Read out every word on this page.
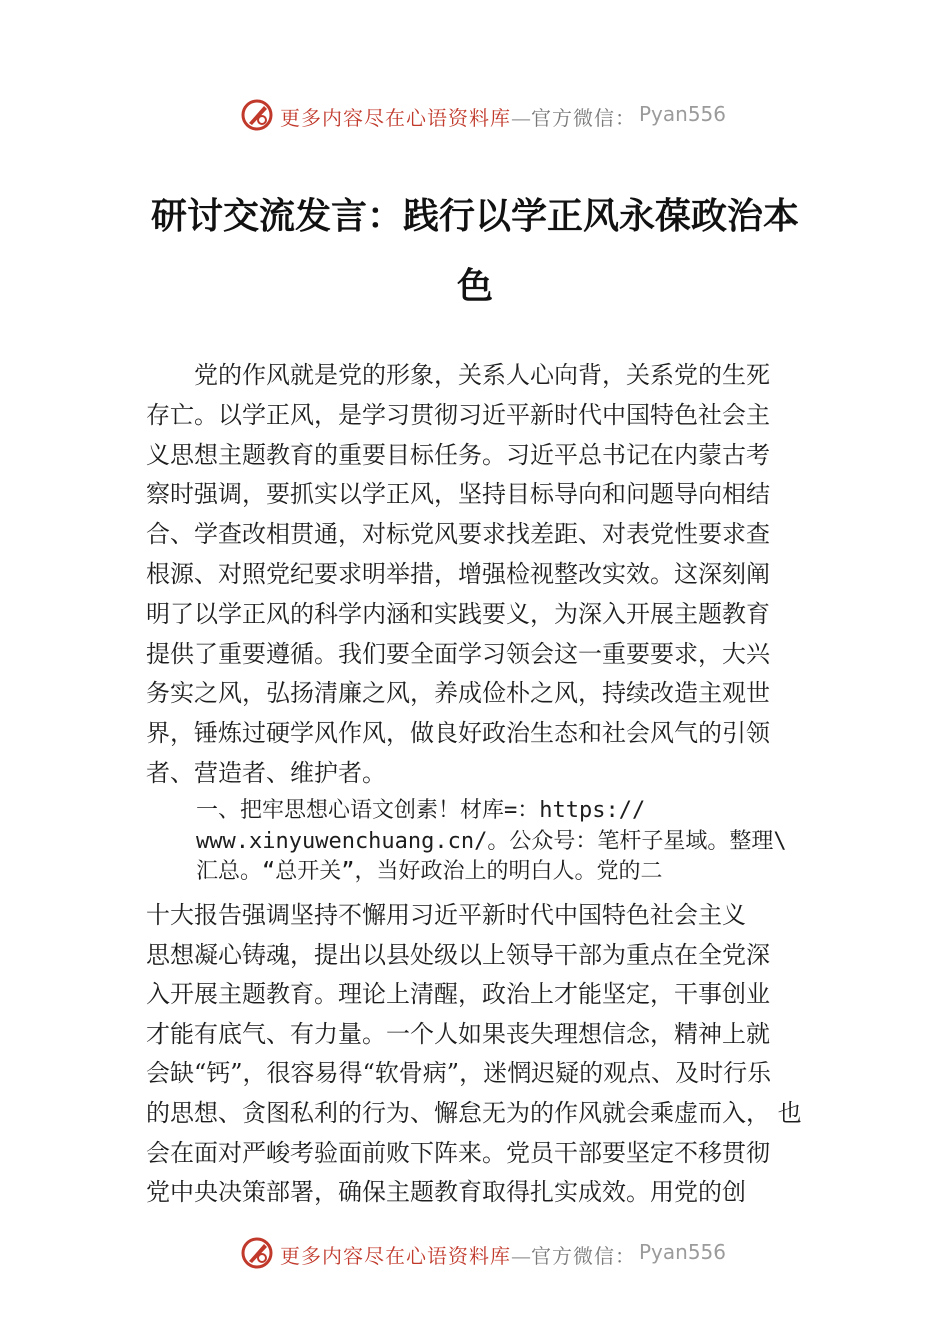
更多内容尽在心语资料库—官方微信： Pyan556
研讨交流发言：践行以学正风永葆政治本
色
　　党的作风就是党的形象，关系人心向背，关系党的生死
存亡。以学正风，是学习贯彻习近平新时代中国特色社会主
义思想主题教育的重要目标任务。习近平总书记在内蒙古考
察时强调，要抓实以学正风，坚持目标导向和问题导向相结
合、学查改相贯通，对标党风要求找差距、对表党性要求查
根源、对照党纪要求明举措，增强检视整改实效。这深刻阐
明了以学正风的科学内涵和实践要义，为深入开展主题教育
提供了重要遵循。我们要全面学习领会这一重要要求，大兴
务实之风，弘扬清廉之风，养成俭朴之风，持续改造主观世
界，锤炼过硬学风作风，做良好政治生态和社会风气的引领
者、营造者、维护者。
一、把牢思想心语文创素！材库=：https://
www.xinyuwenchuang.cn/。公众号：笔杆子星域。整理\
汇总。“总开关”，当好政治上的明白人。党的二
十大报告强调坚持不懈用习近平新时代中国特色社会主义
思想凝心铸魂，提出以县处级以上领导干部为重点在全党深
入开展主题教育。理论上清醒，政治上才能坚定，干事创业
才能有底气、有力量。一个人如果丧失理想信念，精神上就
会缺“钙”，很容易得“软骨病”，迷惘迟疑的观点、及时行乐
的思想、贪图私利的行为、懈怠无为的作风就会乘虚而入， 也
会在面对严峻考验面前败下阵来。党员干部要坚定不移贯彻
党中央决策部署，确保主题教育取得扎实成效。用党的创
更多内容尽在心语资料库—官方微信： Pyan556
